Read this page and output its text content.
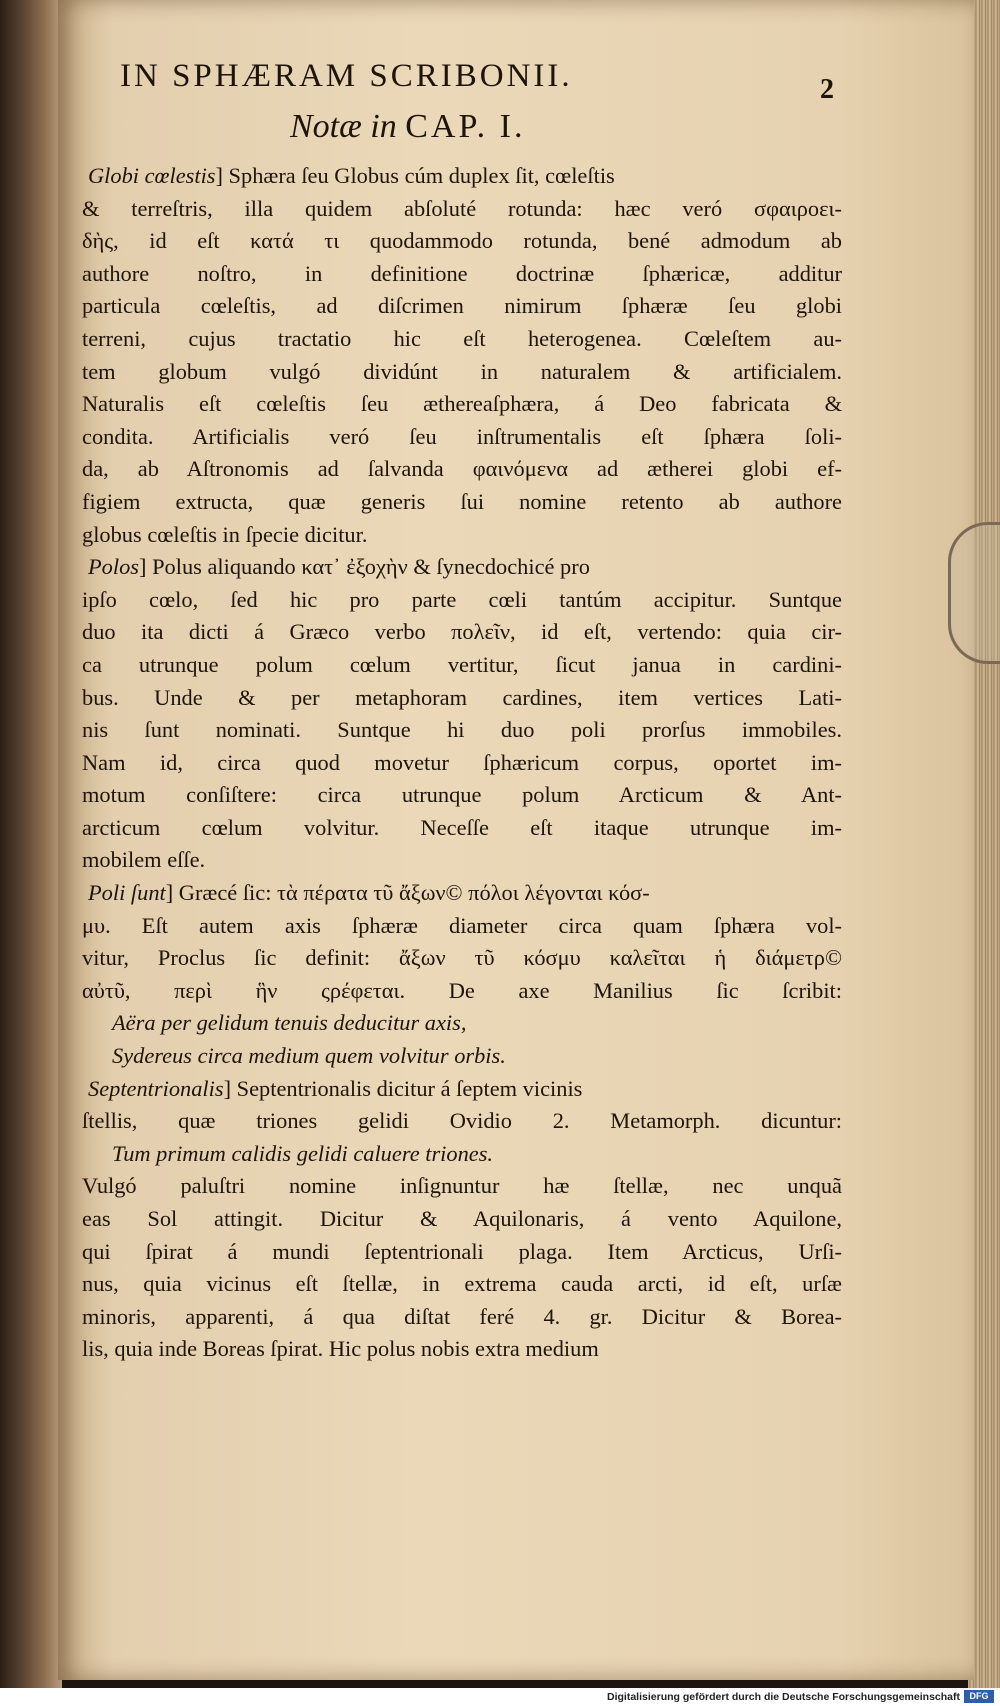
IN SPHÆRAM SCRIBONII.	2
Notæ in CAP. I.
Globi cœlestis] Sphæra ſeu Globus cúm duplex ſit, cœleſtis
& terreſtris, illa quidem abſoluté rotunda: hæc veró σφαιροει-
δὴς, id eſt κατά τι quodammodo rotunda, bené admodum ab
authore noſtro, in definitione doctrinæ ſphæricæ, additur
particula cœleſtis, ad diſcrimen nimirum ſphæræ ſeu globi
terreni, cujus tractatio hic eſt heterogenea. Cœleſtem au-
tem globum vulgó dividúnt in naturalem & artificialem.
Naturalis eſt cœleſtis ſeu æthereaſphæra, á Deo fabricata &
condita. Artificialis veró ſeu inſtrumentalis eſt ſphæra ſoli-
da, ab Aſtronomis ad ſalvanda φαινόμενα ad ætherei globi ef-
figiem extructa, quæ generis ſui nomine retento ab authore
globus cœleſtis in ſpecie dicitur.
Polos] Polus aliquando κατ᾽ ἐξοχὴν & ſynecdochicé pro
ipſo cœlo, ſed hic pro parte cœli tantúm accipitur. Suntque
duo ita dicti á Græco verbo πολεῖν, id eſt, vertendo: quia cir-
ca utrunque polum cœlum vertitur, ſicut janua in cardini-
bus. Unde & per metaphoram cardines, item vertices Lati-
nis ſunt nominati. Suntque hi duo poli prorſus immobiles.
Nam id, circa quod movetur ſphæricum corpus, oportet im-
motum conſiſtere: circa utrunque polum Arcticum & Ant-
arcticum cœlum volvitur. Neceſſe eſt itaque utrunque im-
mobilem eſſe.
Poli ſunt] Græcé ſic: τὰ πέρατα τῦ ἄξων© πόλοι λέγονται κόσ-
μυ. Eſt autem axis ſphæræ diameter circa quam ſphæra vol-
vitur, Proclus ſic definit: ἄξων τῦ κόσμυ καλεῖται ἡ διάμετρ©
αὐτῦ, περὶ ἣν ςρέφεται. De axe Manilius ſic ſcribit:
Aëra per gelidum tenuis deducitur axis,
Sydereus circa medium quem volvitur orbis.
Septentrionalis] Septentrionalis dicitur á ſeptem vicinis
ſtellis, quæ triones gelidi Ovidio 2. Metamorph. dicuntur:
Tum primum calidis gelidi caluere triones.
Vulgó paluſtri nomine inſignuntur hæ ſtellæ, nec unquã
eas Sol attingit. Dicitur & Aquilonaris, á vento Aquilone,
qui ſpirat á mundi ſeptentrionali plaga. Item Arcticus, Urſi-
nus, quia vicinus eſt ſtellæ, in extrema cauda arcti, id eſt, urſæ
minoris, apparenti, á qua diſtat feré 4. gr. Dicitur & Borea-
lis, quia inde Boreas ſpirat. Hic polus nobis extra medium
Digitalisierung gefördert durch die Deutsche Forschungsgemeinschaft	DFG
